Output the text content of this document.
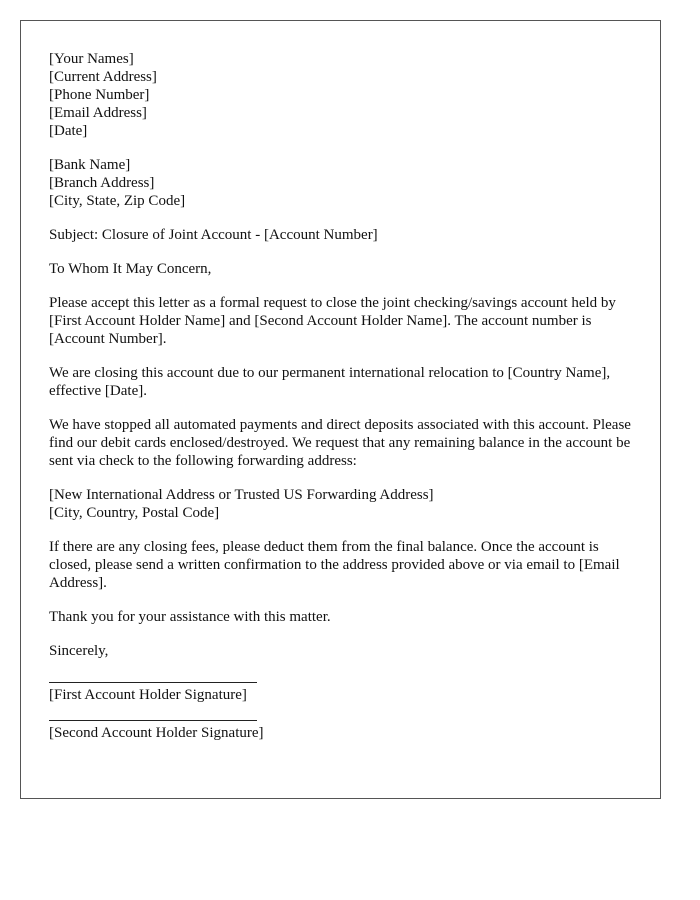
[Your Names]
[Current Address]
[Phone Number]
[Email Address]
[Date]
[Bank Name]
[Branch Address]
[City, State, Zip Code]
Subject: Closure of Joint Account - [Account Number]
To Whom It May Concern,
Please accept this letter as a formal request to close the joint checking/savings account held by [First Account Holder Name] and [Second Account Holder Name]. The account number is [Account Number].
We are closing this account due to our permanent international relocation to [Country Name], effective [Date].
We have stopped all automated payments and direct deposits associated with this account. Please find our debit cards enclosed/destroyed. We request that any remaining balance in the account be sent via check to the following forwarding address:
[New International Address or Trusted US Forwarding Address]
[City, Country, Postal Code]
If there are any closing fees, please deduct them from the final balance. Once the account is closed, please send a written confirmation to the address provided above or via email to [Email Address].
Thank you for your assistance with this matter.
Sincerely,
[First Account Holder Signature]
[Second Account Holder Signature]
